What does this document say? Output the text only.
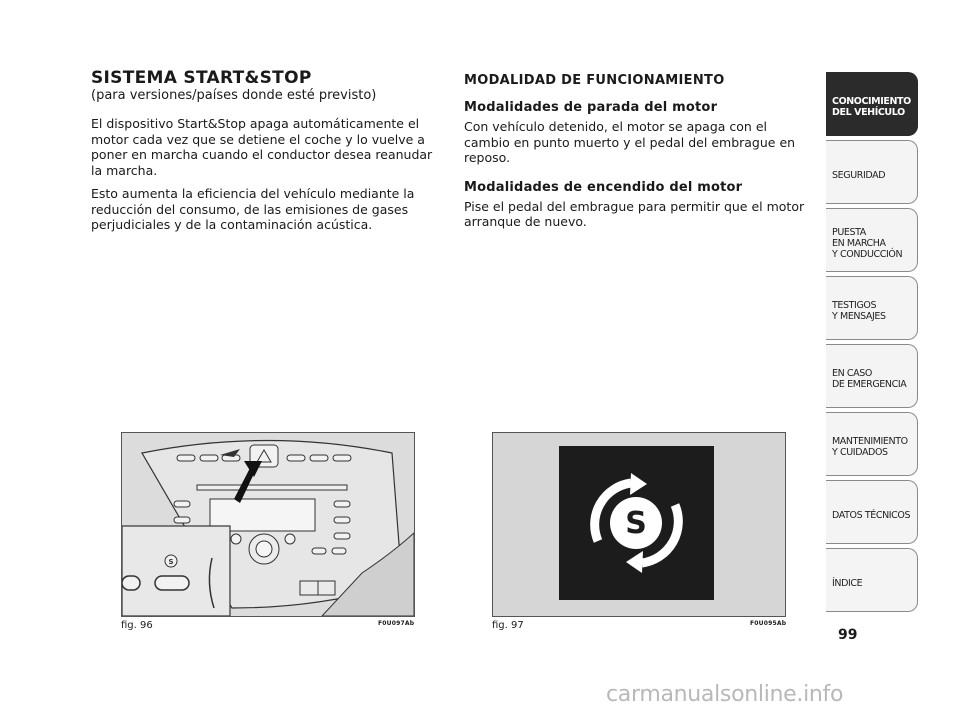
SISTEMA START&STOP
(para versiones/países donde esté previsto)

El dispositivo Start&Stop apaga automáticamente el motor cada vez que se detiene el coche y lo vuelve a poner en marcha cuando el conductor desea reanudar la marcha.

Esto aumenta la eficiencia del vehículo mediante la reducción del consumo, de las emisiones de gases perjudiciales y de la contaminación acústica.

MODALIDAD DE FUNCIONAMIENTO
Modalidades de parada del motor

Con vehículo detenido, el motor se apaga con el cambio en punto muerto y el pedal del embrague en reposo.

Modalidades de encendido del motor

Pise el pedal del embrague para permitir que el motor arranque de nuevo.

S
fig. 96	F0U097Ab
S
fig. 97	F0U095Ab
CONOCIMIENTO
DEL VEHÍCULO
SEGURIDAD
PUESTA
EN MARCHA
Y CONDUCCIÓN
TESTIGOS
Y MENSAJES
EN CASO
DE EMERGENCIA
MANTENIMIENTO
Y CUIDADOS
DATOS TÉCNICOS
ÍNDICE
99
carmanualsonline.info
